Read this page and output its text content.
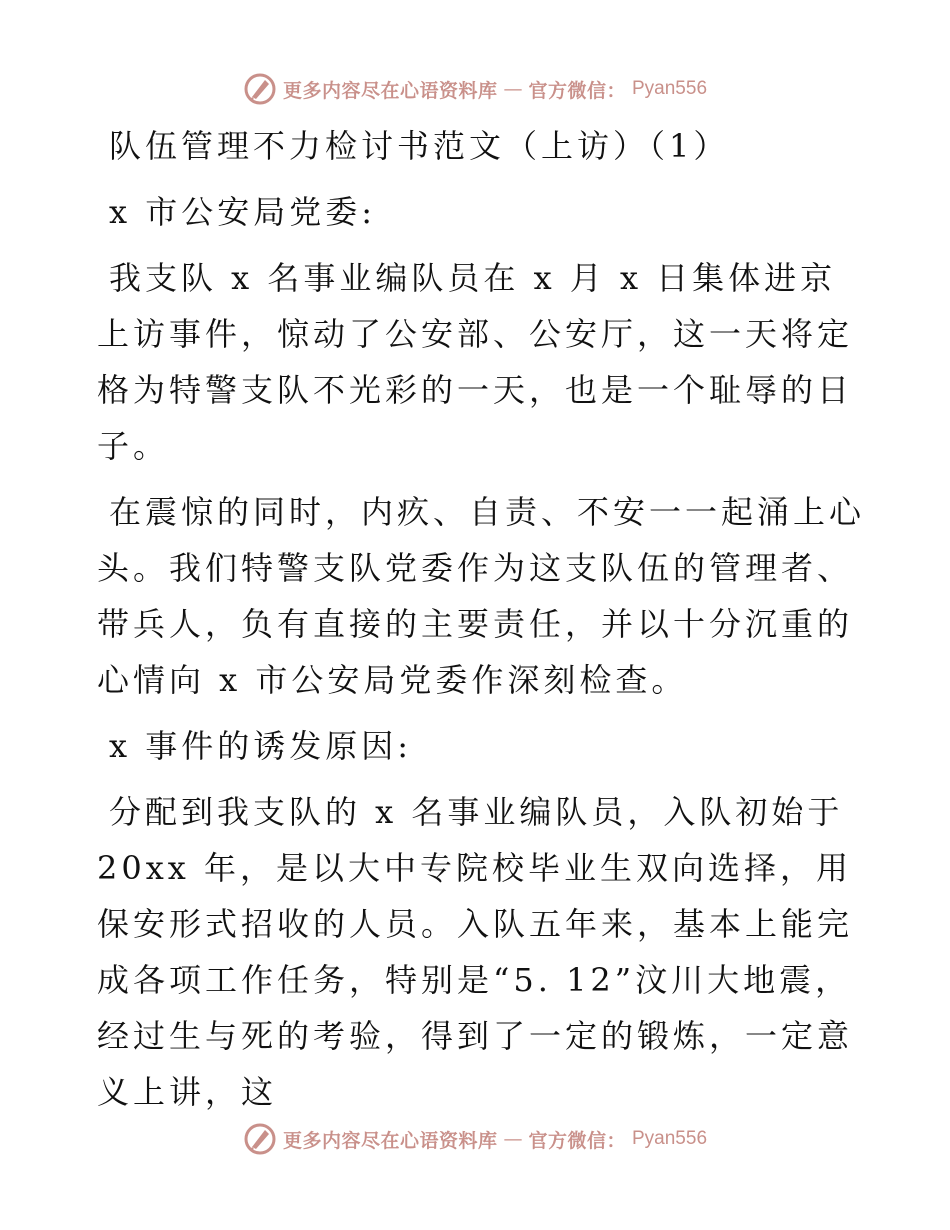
更多内容尽在心语资料库 — 官方微信： Pyan556

队伍管理不力检讨书范文（上访）（1）

x 市公安局党委:

我支队 x 名事业编队员在 x 月 x 日集体进京上访事件，惊动了公安部、公安厅，这一天将定格为特警支队不光彩的一天，也是一个耻辱的日子。

在震惊的同时，内疚、自责、不安一一起涌上心头。我们特警支队党委作为这支队伍的管理者、带兵人，负有直接的主要责任，并以十分沉重的心情向 x 市公安局党委作深刻检查。

x 事件的诱发原因:

分配到我支队的 x 名事业编队员，入队初始于 20xx 年，是以大中专院校毕业生双向选择，用保安形式招收的人员。入队五年来，基本上能完成各项工作任务，特别是“5. 12”汶川大地震，经过生与死的考验，得到了一定的锻炼，一定意义上讲，这

更多内容尽在心语资料库 — 官方微信： Pyan556
